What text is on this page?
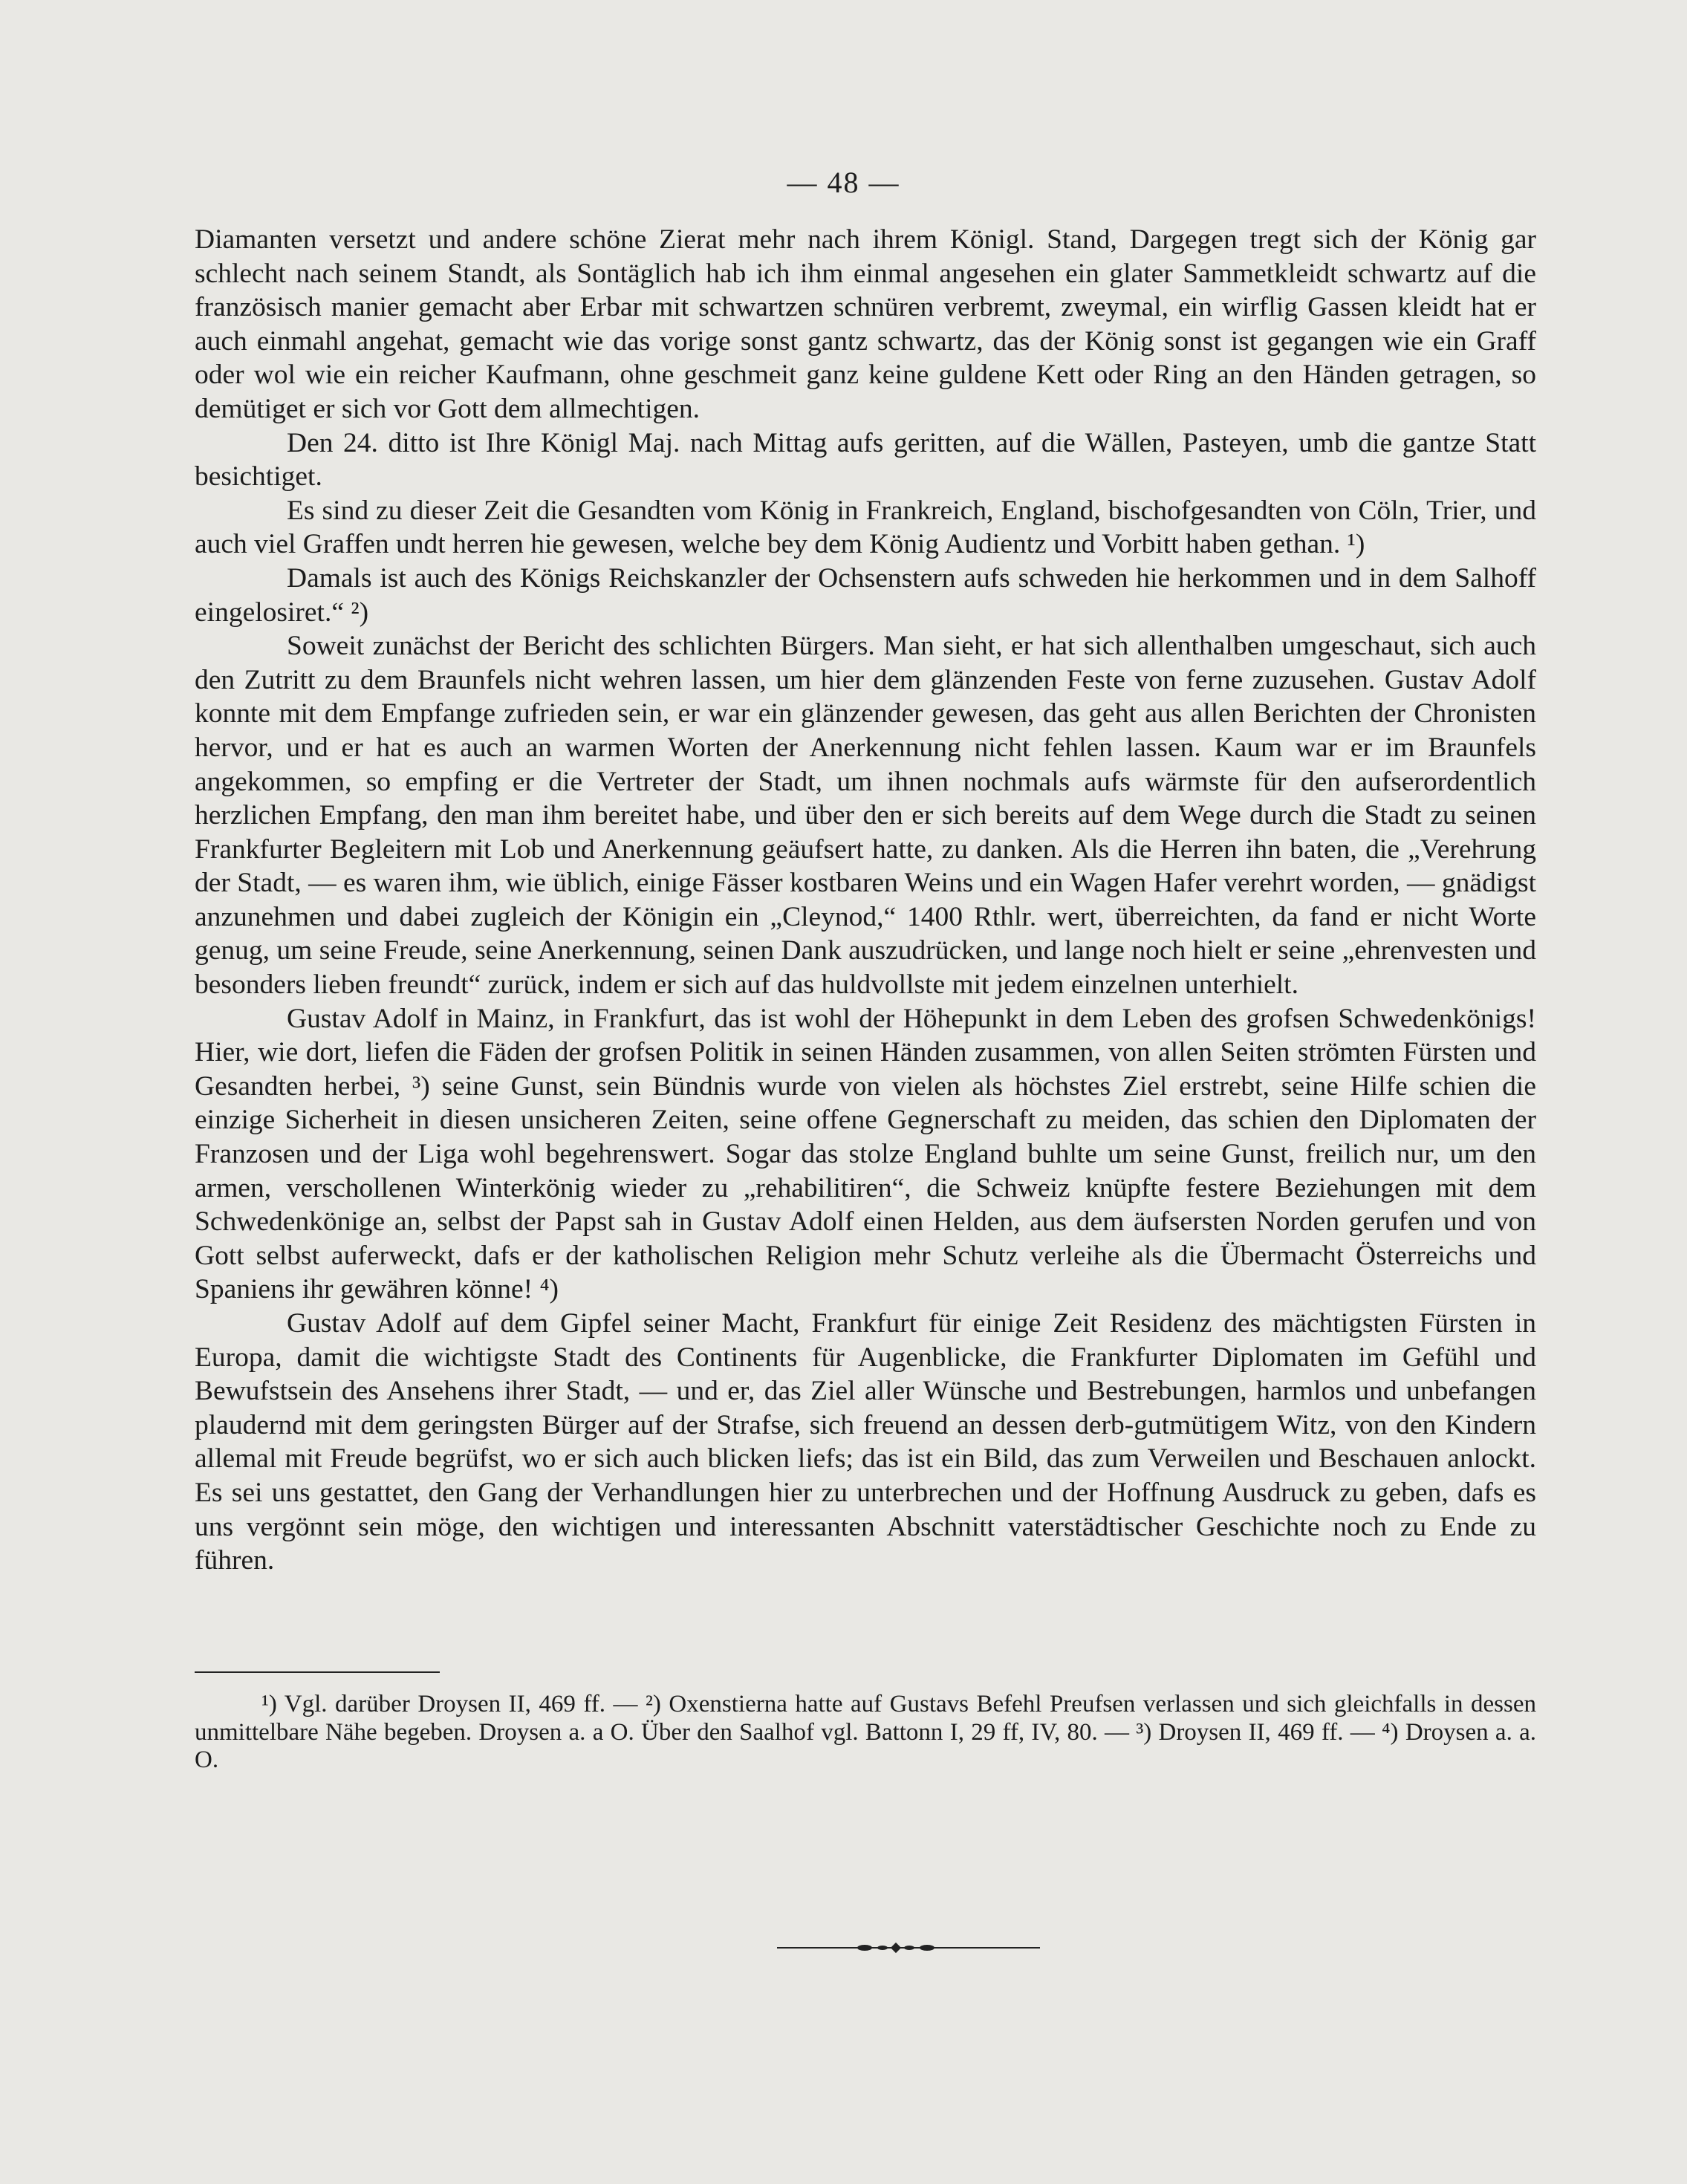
— 48 —

Diamanten versetzt und andere schöne Zierat mehr nach ihrem Königl. Stand, Dargegen tregt sich der König gar schlecht nach seinem Standt, als Sontäglich hab ich ihm einmal angesehen ein glater Sammetkleidt schwartz auf die französisch manier gemacht aber Erbar mit schwartzen schnüren verbremt, zweymal, ein wirflig Gassen kleidt hat er auch einmahl angehat, gemacht wie das vorige sonst gantz schwartz, das der König sonst ist gegangen wie ein Graff oder wol wie ein reicher Kaufmann, ohne geschmeit ganz keine guldene Kett oder Ring an den Händen getragen, so demütiget er sich vor Gott dem allmechtigen.

Den 24. ditto ist Ihre Königl Maj. nach Mittag aufs geritten, auf die Wällen, Pasteyen, umb die gantze Statt besichtiget.

Es sind zu dieser Zeit die Gesandten vom König in Frankreich, England, bischofgesandten von Cöln, Trier, und auch viel Graffen undt herren hie gewesen, welche bey dem König Audientz und Vorbitt haben gethan. ¹)

Damals ist auch des Königs Reichskanzler der Ochsenstern aufs schweden hie herkommen und in dem Salhoff eingelosiret.“ ²)

Soweit zunächst der Bericht des schlichten Bürgers. Man sieht, er hat sich allenthalben umgeschaut, sich auch den Zutritt zu dem Braunfels nicht wehren lassen, um hier dem glänzenden Feste von ferne zuzusehen. Gustav Adolf konnte mit dem Empfange zufrieden sein, er war ein glänzender gewesen, das geht aus allen Berichten der Chronisten hervor, und er hat es auch an warmen Worten der Anerkennung nicht fehlen lassen. Kaum war er im Braunfels angekommen, so empfing er die Vertreter der Stadt, um ihnen nochmals aufs wärmste für den aufserordentlich herzlichen Empfang, den man ihm bereitet habe, und über den er sich bereits auf dem Wege durch die Stadt zu seinen Frankfurter Begleitern mit Lob und Anerkennung geäufsert hatte, zu danken. Als die Herren ihn baten, die „Verehrung der Stadt, — es waren ihm, wie üblich, einige Fässer kostbaren Weins und ein Wagen Hafer verehrt worden, — gnädigst anzunehmen und dabei zugleich der Königin ein „Cleynod,“ 1400 Rthlr. wert, überreichten, da fand er nicht Worte genug, um seine Freude, seine Anerkennung, seinen Dank auszudrücken, und lange noch hielt er seine „ehrenvesten und besonders lieben freundt“ zurück, indem er sich auf das huldvollste mit jedem einzelnen unterhielt.

Gustav Adolf in Mainz, in Frankfurt, das ist wohl der Höhepunkt in dem Leben des grofsen Schwedenkönigs! Hier, wie dort, liefen die Fäden der grofsen Politik in seinen Händen zusammen, von allen Seiten strömten Fürsten und Gesandten herbei, ³) seine Gunst, sein Bündnis wurde von vielen als höchstes Ziel erstrebt, seine Hilfe schien die einzige Sicherheit in diesen unsicheren Zeiten, seine offene Gegnerschaft zu meiden, das schien den Diplomaten der Franzosen und der Liga wohl begehrenswert. Sogar das stolze England buhlte um seine Gunst, freilich nur, um den armen, verschollenen Winterkönig wieder zu „rehabilitiren“, die Schweiz knüpfte festere Beziehungen mit dem Schwedenkönige an, selbst der Papst sah in Gustav Adolf einen Helden, aus dem äufsersten Norden gerufen und von Gott selbst auferweckt, dafs er der katholischen Religion mehr Schutz verleihe als die Übermacht Österreichs und Spaniens ihr gewähren könne! ⁴)

Gustav Adolf auf dem Gipfel seiner Macht, Frankfurt für einige Zeit Residenz des mächtigsten Fürsten in Europa, damit die wichtigste Stadt des Continents für Augenblicke, die Frankfurter Diplomaten im Gefühl und Bewufstsein des Ansehens ihrer Stadt, — und er, das Ziel aller Wünsche und Bestrebungen, harmlos und unbefangen plaudernd mit dem geringsten Bürger auf der Strafse, sich freuend an dessen derb-gutmütigem Witz, von den Kindern allemal mit Freude begrüfst, wo er sich auch blicken liefs; das ist ein Bild, das zum Verweilen und Beschauen anlockt. Es sei uns gestattet, den Gang der Verhandlungen hier zu unterbrechen und der Hoffnung Ausdruck zu geben, dafs es uns vergönnt sein möge, den wichtigen und interessanten Abschnitt vaterstädtischer Geschichte noch zu Ende zu führen.

¹) Vgl. darüber Droysen II, 469 ff. — ²) Oxenstierna hatte auf Gustavs Befehl Preufsen verlassen und sich gleichfalls in dessen unmittelbare Nähe begeben. Droysen a. a O. Über den Saalhof vgl. Battonn I, 29 ff, IV, 80. — ³) Droysen II, 469 ff. — ⁴) Droysen a. a. O.
